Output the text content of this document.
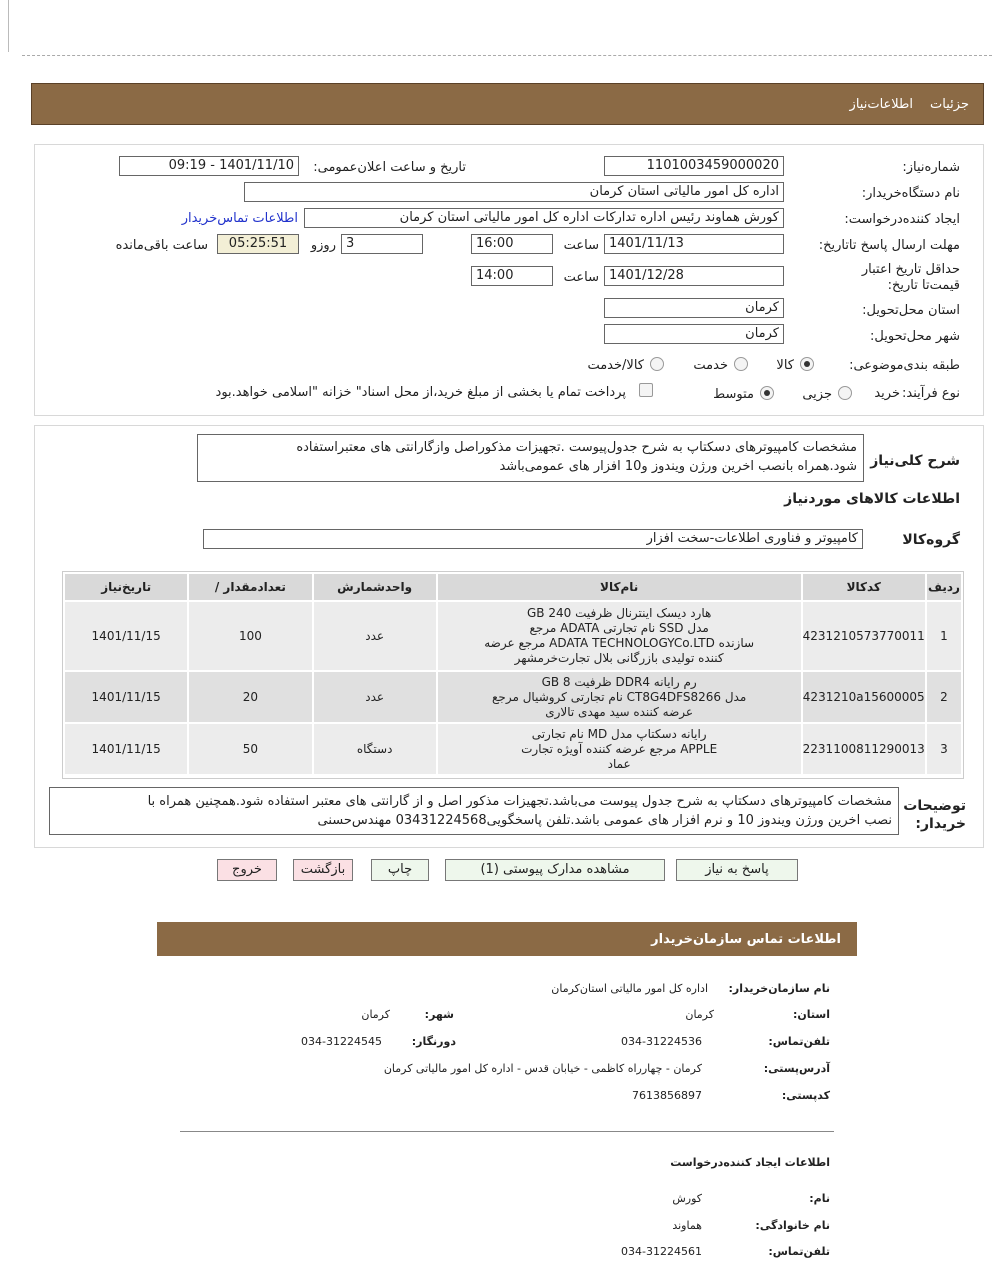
جزئیات
اطلاعات‌نیاز
شماره‌نیاز:
1101003459000020
تاریخ و ساعت اعلان‌عمومی:
1401/11/10 - 09:19
نام دستگاه‌خریدار:
اداره کل امور مالیاتی استان کرمان
ایجاد کننده‌درخواست:
کورش هماوند رئیس اداره تدارکات اداره کل امور مالیاتی استان کرمان
اطلاعات تماس‌خریدار
مهلت ارسال پاسخ تا‌تاریخ:
1401/11/13
ساعت
16:00
3
روز‌و
05:25:51
ساعت باقی‌مانده
حداقل تاریخ اعتبار قیمت‌تا تاریخ:
1401/12/28
ساعت
14:00
استان محل‌تحویل:
کرمان
شهر محل‌تحویل:
کرمان
طبقه بندی‌موضوعی:
کالا
خدمت
کالا/خدمت
نوع فرآیند:
خرید
جزیی
متوسط
پرداخت تمام یا بخشی از مبلغ خرید،از محل اسناد" خزانه "اسلامی خواهد.بود
شرح کلی‌نیاز
مشخصات کامپیوترهای دسکتاپ به شرح جدول‌پیوست .تجهیزات مذکوراصل وازگارانتی های معتبراستفاده
شود.همراه بانصب اخرین ورژن ویندوز و10 افزار های عمومی‌باشد
اطلاعات کالاهای موردنیاز
گروه‌کالا
کامپیوتر و فناوری اطلاعات-سخت افزار
ردیف	کدکالا	نام‌کالا	واحدشمارش	تعدادمقدار /	تاریخ‌نیاز
1	4231210573770011	هارد دیسک اینترنال ظرفیت 240 GB
مدل SSD نام تجارتی ADATA مرجع
سازنده ADATA TECHNOLOGYCo.LTD مرجع عرضه
کننده تولیدی بازرگانی بلال تجارت‌خرمشهر	عدد	100	1401/11/15
2	4231210a15600005	رم رایانه DDR4 ظرفیت 8 GB
مدل CT8G4DFS8266 نام تجارتی کروشیال مرجع
عرضه کننده سید مهدی تالاری	عدد	20	1401/11/15
3	2231100811290013	رایانه دسکتاپ مدل MD نام تجارتی
APPLE مرجع عرضه کننده آویژه تجارت
عماد	دستگاه	50	1401/11/15
توضیحات خریدار:
مشخصات کامپیوترهای دسکتاپ به شرح جدول پیوست می‌باشد.تجهیزات مذکور اصل و از گارانتی های معتبر استفاده شود.همچنین همراه با
نصب اخرین ورژن ویندوز 10 و نرم افزار های عمومی باشد.تلفن پاسخگویی03431224568 مهندس‌حسنی
پاسخ به نیاز
مشاهده مدارک پیوستی (1)
چاپ
بازگشت
خروج
اطلاعات تماس سازمان‌خریدار
نام سازمان‌خریدار:
اداره کل امور مالیاتی استان‌کرمان
استان:
کرمان
شهر:
کرمان
تلفن‌تماس:
034-31224536
دورنگار:
034-31224545
آدرس‌پستی:
کرمان - چهارراه کاظمی - خیابان قدس - اداره کل امور مالیاتی کرمان
کد‌پستی:
7613856897
اطلاعات ایجاد کننده‌درخواست
نام:
کورش
نام خانوادگی:
هماوند
تلفن‌تماس:
034-31224561
